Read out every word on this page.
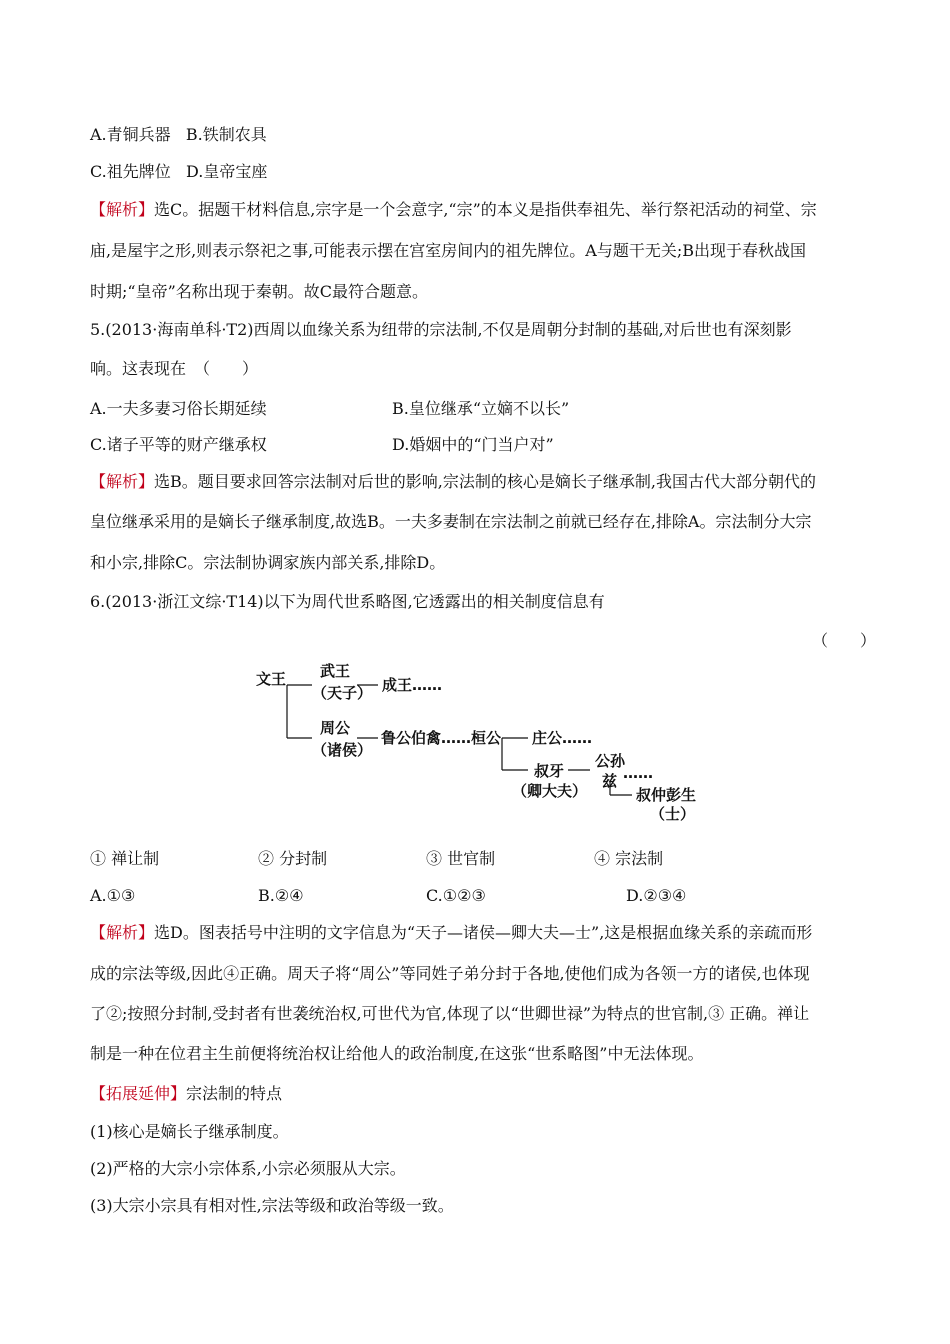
A.青铜兵器 B.铁制农具
C.祖先牌位 D.皇帝宝座
【解析】选C。据题干材料信息,宗字是一个会意字,“宗”的本义是指供奉祖先、举行祭祀活动的祠堂、宗
庙,是屋宇之形,则表示祭祀之事,可能表示摆在宫室房间内的祖先牌位。A与题干无关;B出现于春秋战国
时期;“皇帝”名称出现于秦朝。故C最符合题意。
5.(2013·海南单科·T2)西周以血缘关系为纽带的宗法制,不仅是周朝分封制的基础,对后世也有深刻影
响。这表现在　（　　）
A.一夫多妻习俗长期延续	B.皇位继承“立嫡不以长”
C.诸子平等的财产继承权	D.婚姻中的“门当户对”
【解析】选B。题目要求回答宗法制对后世的影响,宗法制的核心是嫡长子继承制,我国古代大部分朝代的
皇位继承采用的是嫡长子继承制度,故选B。一夫多妻制在宗法制之前就已经存在,排除A。宗法制分大宗
和小宗,排除C。宗法制协调家族内部关系,排除D。
6.(2013·浙江文综·T14)以下为周代世系略图,它透露出的相关制度信息有
（　　）
文王 武王
（天子） 成王……
周公
（诸侯）
鲁公伯禽……桓公 庄公……
叔牙
（卿大夫）
公孙
……
兹
叔仲彭生
（士）
① 禅让制	② 分封制	③ 世官制	④ 宗法制
A.①③	B.②④	C.①②③	D.②③④
【解析】选D。图表括号中注明的文字信息为“天子—诸侯—卿大夫—士”,这是根据血缘关系的亲疏而形
成的宗法等级,因此④正确。周天子将“周公”等同姓子弟分封于各地,使他们成为各领一方的诸侯,也体现
了②;按照分封制,受封者有世袭统治权,可世代为官,体现了以“世卿世禄”为特点的世官制,③ 正确。禅让
制是一种在位君主生前便将统治权让给他人的政治制度,在这张“世系略图”中无法体现。
【拓展延伸】宗法制的特点
(1)核心是嫡长子继承制度。
(2)严格的大宗小宗体系,小宗必须服从大宗。
(3)大宗小宗具有相对性,宗法等级和政治等级一致。
